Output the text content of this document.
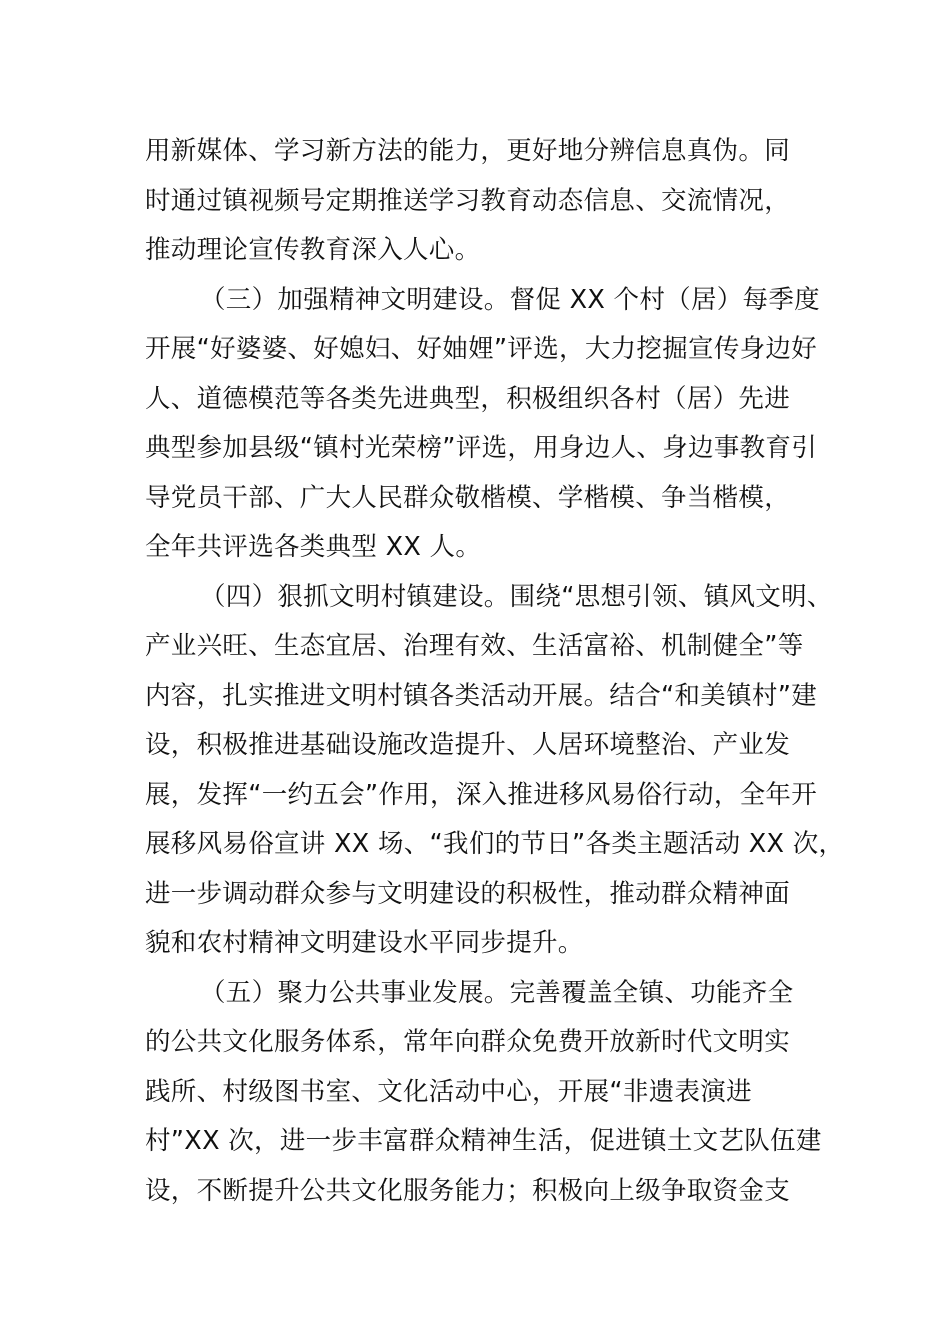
用新媒体、学习新方法的能力，更好地分辨信息真伪。同
时通过镇视频号定期推送学习教育动态信息、交流情况，
推动理论宣传教育深入人心。
（三）加强精神文明建设。督促 XX 个村（居）每季度
开展“好婆婆、好媳妇、好妯娌”评选，大力挖掘宣传身边好
人、道德模范等各类先进典型，积极组织各村（居）先进
典型参加县级“镇村光荣榜”评选，用身边人、身边事教育引
导党员干部、广大人民群众敬楷模、学楷模、争当楷模，
全年共评选各类典型 XX 人。
（四）狠抓文明村镇建设。围绕“思想引领、镇风文明、
产业兴旺、生态宜居、治理有效、生活富裕、机制健全”等
内容，扎实推进文明村镇各类活动开展。结合“和美镇村”建
设，积极推进基础设施改造提升、人居环境整治、产业发
展，发挥“一约五会”作用，深入推进移风易俗行动，全年开
展移风易俗宣讲 XX 场、“我们的节日”各类主题活动 XX 次，
进一步调动群众参与文明建设的积极性，推动群众精神面
貌和农村精神文明建设水平同步提升。
（五）聚力公共事业发展。完善覆盖全镇、功能齐全
的公共文化服务体系，常年向群众免费开放新时代文明实
践所、村级图书室、文化活动中心，开展“非遗表演进
村”XX 次，进一步丰富群众精神生活，促进镇土文艺队伍建
设，不断提升公共文化服务能力；积极向上级争取资金支
